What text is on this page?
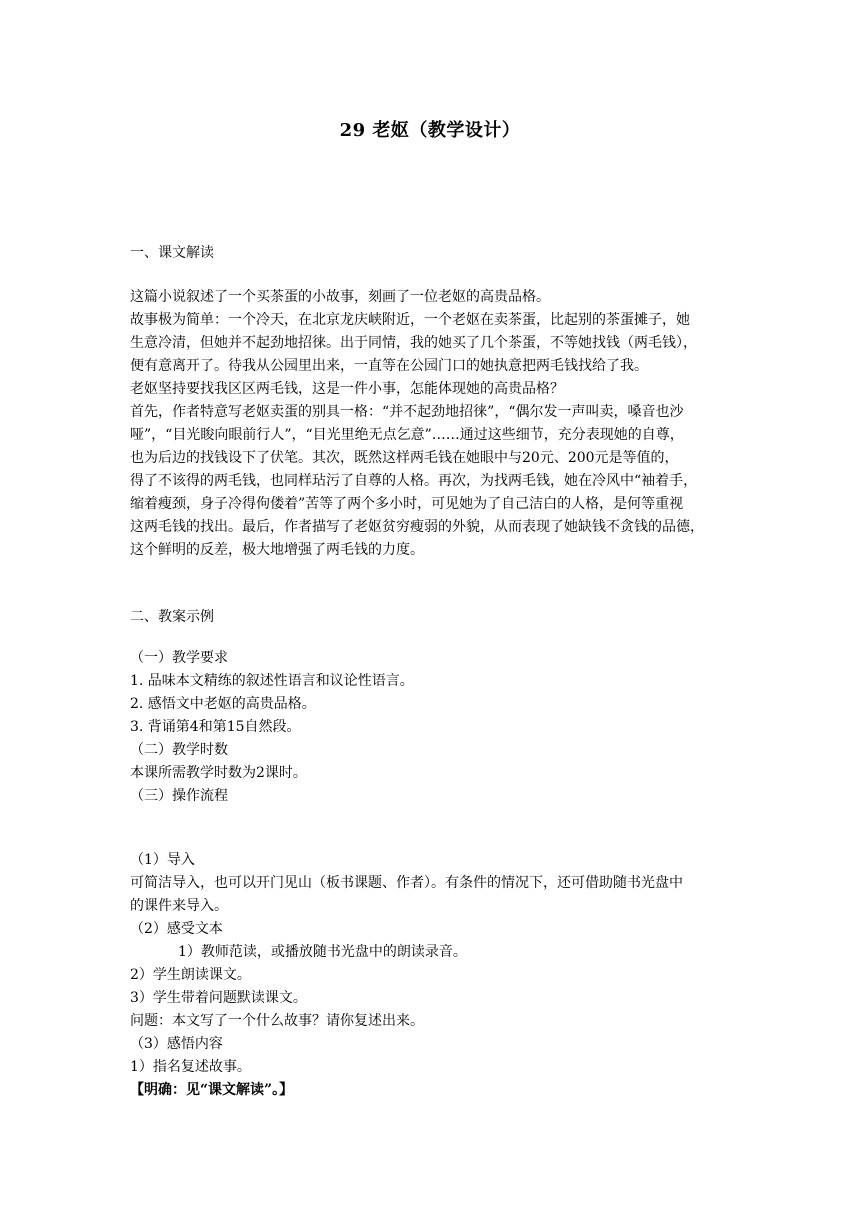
29 老妪（教学设计）
一、课文解读
这篇小说叙述了一个买茶蛋的小故事，刻画了一位老妪的高贵品格。
故事极为简单：一个冷天，在北京龙庆峡附近，一个老妪在卖茶蛋，比起别的茶蛋摊子，她
生意冷清，但她并不起劲地招徕。出于同情，我的她买了几个茶蛋，不等她找钱（两毛钱），
便有意离开了。待我从公园里出来，一直等在公园门口的她执意把两毛钱找给了我。
老妪坚持要找我区区两毛钱，这是一件小事，怎能体现她的高贵品格？
首先，作者特意写老妪卖蛋的别具一格：“并不起劲地招徕”，“偶尔发一声叫卖，嗓音也沙
哑”，“目光睃向眼前行人”，“目光里绝无点乞意”……通过这些细节，充分表现她的自尊，
也为后边的找钱设下了伏笔。其次，既然这样两毛钱在她眼中与20元、200元是等值的，
得了不该得的两毛钱，也同样玷污了自尊的人格。再次，为找两毛钱，她在冷风中“袖着手，
缩着瘦颈，身子冷得佝偻着”苦等了两个多小时，可见她为了自己洁白的人格，是何等重视
这两毛钱的找出。最后，作者描写了老妪贫穷瘦弱的外貌，从而表现了她缺钱不贪钱的品德，
这个鲜明的反差，极大地增强了两毛钱的力度。
二、教案示例
（一）教学要求
1. 品味本文精练的叙述性语言和议论性语言。
2. 感悟文中老妪的高贵品格。
3. 背诵第4和第15自然段。
（二）教学时数
本课所需教学时数为2课时。
（三）操作流程
（1）导入
可简洁导入，也可以开门见山（板书课题、作者）。有条件的情况下，还可借助随书光盘中
的课件来导入。
（2）感受文本
1）教师范读，或播放随书光盘中的朗读录音。
2）学生朗读课文。
3）学生带着问题默读课文。
问题：本文写了一个什么故事？请你复述出来。
（3）感悟内容
1）指名复述故事。
【明确：见“课文解读”。】
